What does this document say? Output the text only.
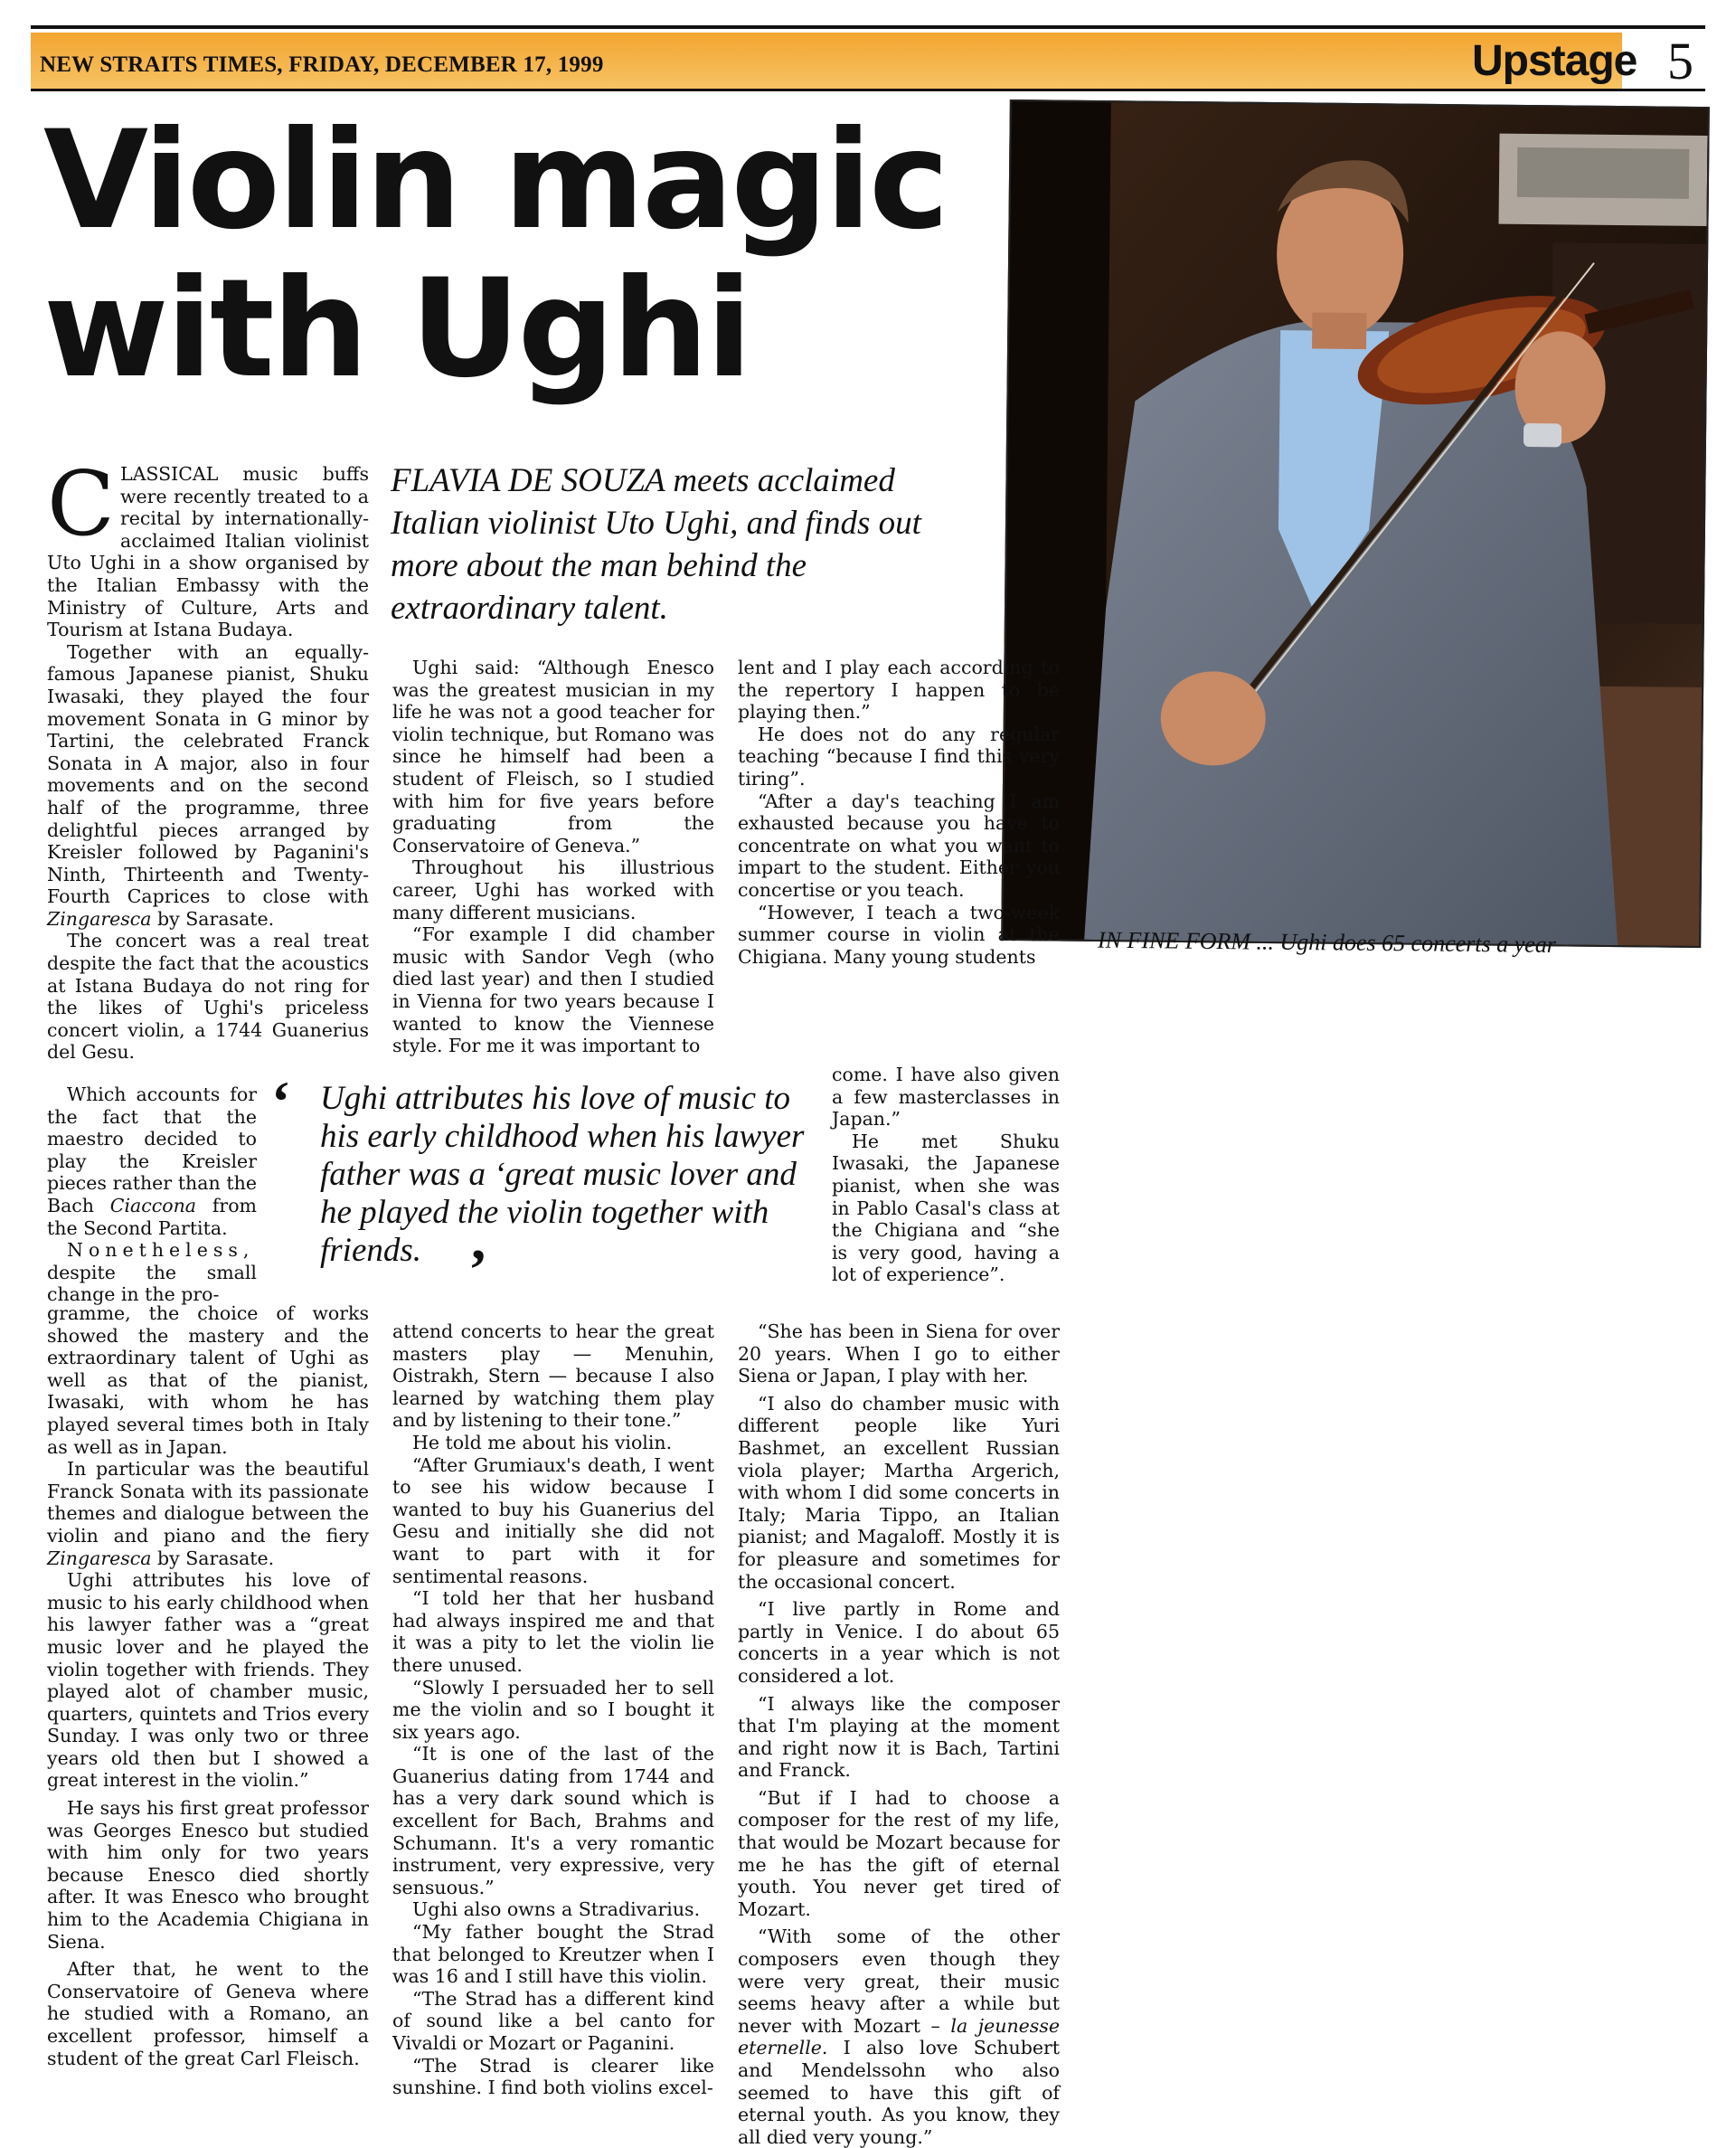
NEW STRAITS TIMES, FRIDAY, DECEMBER 17, 1999	Upstage 5
Violin magic
with Ughi
FLAVIA DE SOUZA meets acclaimed Italian violinist Uto Ughi, and finds out more about the man behind the extraordinary talent.
IN FINE FORM ... Ughi does 65 concerts a year

CLASSICAL music buffs were recently treated to a recital by internationally-acclaimed Italian violinist Uto Ughi in a show organised by the Italian Embassy with the Ministry of Culture, Arts and Tourism at Istana Budaya.

Together with an equally-famous Japanese pianist, Shuku Iwasaki, they played the four movement Sonata in G minor by Tartini, the celebrated Franck Sonata in A major, also in four movements and on the second half of the programme, three delightful pieces arranged by Kreisler followed by Paganini's Ninth, Thirteenth and Twenty-Fourth Caprices to close with Zingaresca by Sarasate.

The concert was a real treat despite the fact that the acoustics at Istana Budaya do not ring for the likes of Ughi's priceless concert violin, a 1744 Guanerius del Gesu.

Which accounts for the fact that the maestro decided to play the Kreisler pieces rather than the Bach Ciaccona from the Second Partita.

Nonetheless, despite the small change in the pro-

gramme, the choice of works showed the mastery and the extraordinary talent of Ughi as well as that of the pianist, Iwasaki, with whom he has played several times both in Italy as well as in Japan.

In particular was the beautiful Franck Sonata with its passionate themes and dialogue between the violin and piano and the fiery Zingaresca by Sarasate.

Ughi attributes his love of music to his early childhood when his lawyer father was a “great music lover and he played the violin together with friends. They played alot of chamber music, quarters, quintets and Trios every Sunday. I was only two or three years old then but I showed a great interest in the violin.”

He says his first great professor was Georges Enesco but studied with him only for two years because Enesco died shortly after. It was Enesco who brought him to the Academia Chigiana in Siena.

After that, he went to the Conservatoire of Geneva where he studied with a Romano, an excellent professor, himself a student of the great Carl Fleisch.

Ughi said: “Although Enesco was the greatest musician in my life he was not a good teacher for violin technique, but Romano was since he himself had been a student of Fleisch, so I studied with him for five years before graduating from the Conservatoire of Geneva.”

Throughout his illustrious career, Ughi has worked with many different musicians.

“For example I did chamber music with Sandor Vegh (who died last year) and then I studied in Vienna for two years because I wanted to know the Viennese style. For me it was important to

attend concerts to hear the great masters play — Menuhin, Oistrakh, Stern — because I also learned by watching them play and by listening to their tone.”

He told me about his violin.

“After Grumiaux's death, I went to see his widow because I wanted to buy his Guanerius del Gesu and initially she did not want to part with it for sentimental reasons.

“I told her that her husband had always inspired me and that it was a pity to let the violin lie there unused.

“Slowly I persuaded her to sell me the violin and so I bought it six years ago.

“It is one of the last of the Guanerius dating from 1744 and has a very dark sound which is excellent for Bach, Brahms and Schumann. It's a very romantic instrument, very expressive, very sensuous.”

Ughi also owns a Stradivarius.

“My father bought the Strad that belonged to Kreutzer when I was 16 and I still have this violin.

“The Strad has a different kind of sound like a bel canto for Vivaldi or Mozart or Paganini.

“The Strad is clearer like sunshine. I find both violins excel-

lent and I play each according to the repertory I happen to be playing then.”

He does not do any regular teaching “because I find this very tiring”.

“After a day's teaching I am exhausted because you have to concentrate on what you want to impart to the student. Either you concertise or you teach.

“However, I teach a two-week summer course in violin at the Chigiana. Many young students

come. I have also given a few masterclasses in Japan.”

He met Shuku Iwasaki, the Japanese pianist, when she was in Pablo Casal's class at the Chigiana and “she is very good, having a lot of experience”.

“She has been in Siena for over 20 years. When I go to either Siena or Japan, I play with her.

“I also do chamber music with different people like Yuri Bashmet, an excellent Russian viola player; Martha Argerich, with whom I did some concerts in Italy; Maria Tippo, an Italian pianist; and Magaloff. Mostly it is for pleasure and sometimes for the occasional concert.

“I live partly in Rome and partly in Venice. I do about 65 concerts in a year which is not considered a lot.

“I always like the composer that I'm playing at the moment and right now it is Bach, Tartini and Franck.

“But if I had to choose a composer for the rest of my life, that would be Mozart because for me he has the gift of eternal youth. You never get tired of Mozart.

“With some of the other composers even though they were very great, their music seems heavy after a while but never with Mozart – la jeunesse eternelle. I also love Schubert and Mendelssohn who also seemed to have this gift of eternal youth. As you know, they all died very young.”

‘ Ughi attributes his love of music to his early childhood when his lawyer father was a ‘great music lover and he played the violin together with friends. ’
